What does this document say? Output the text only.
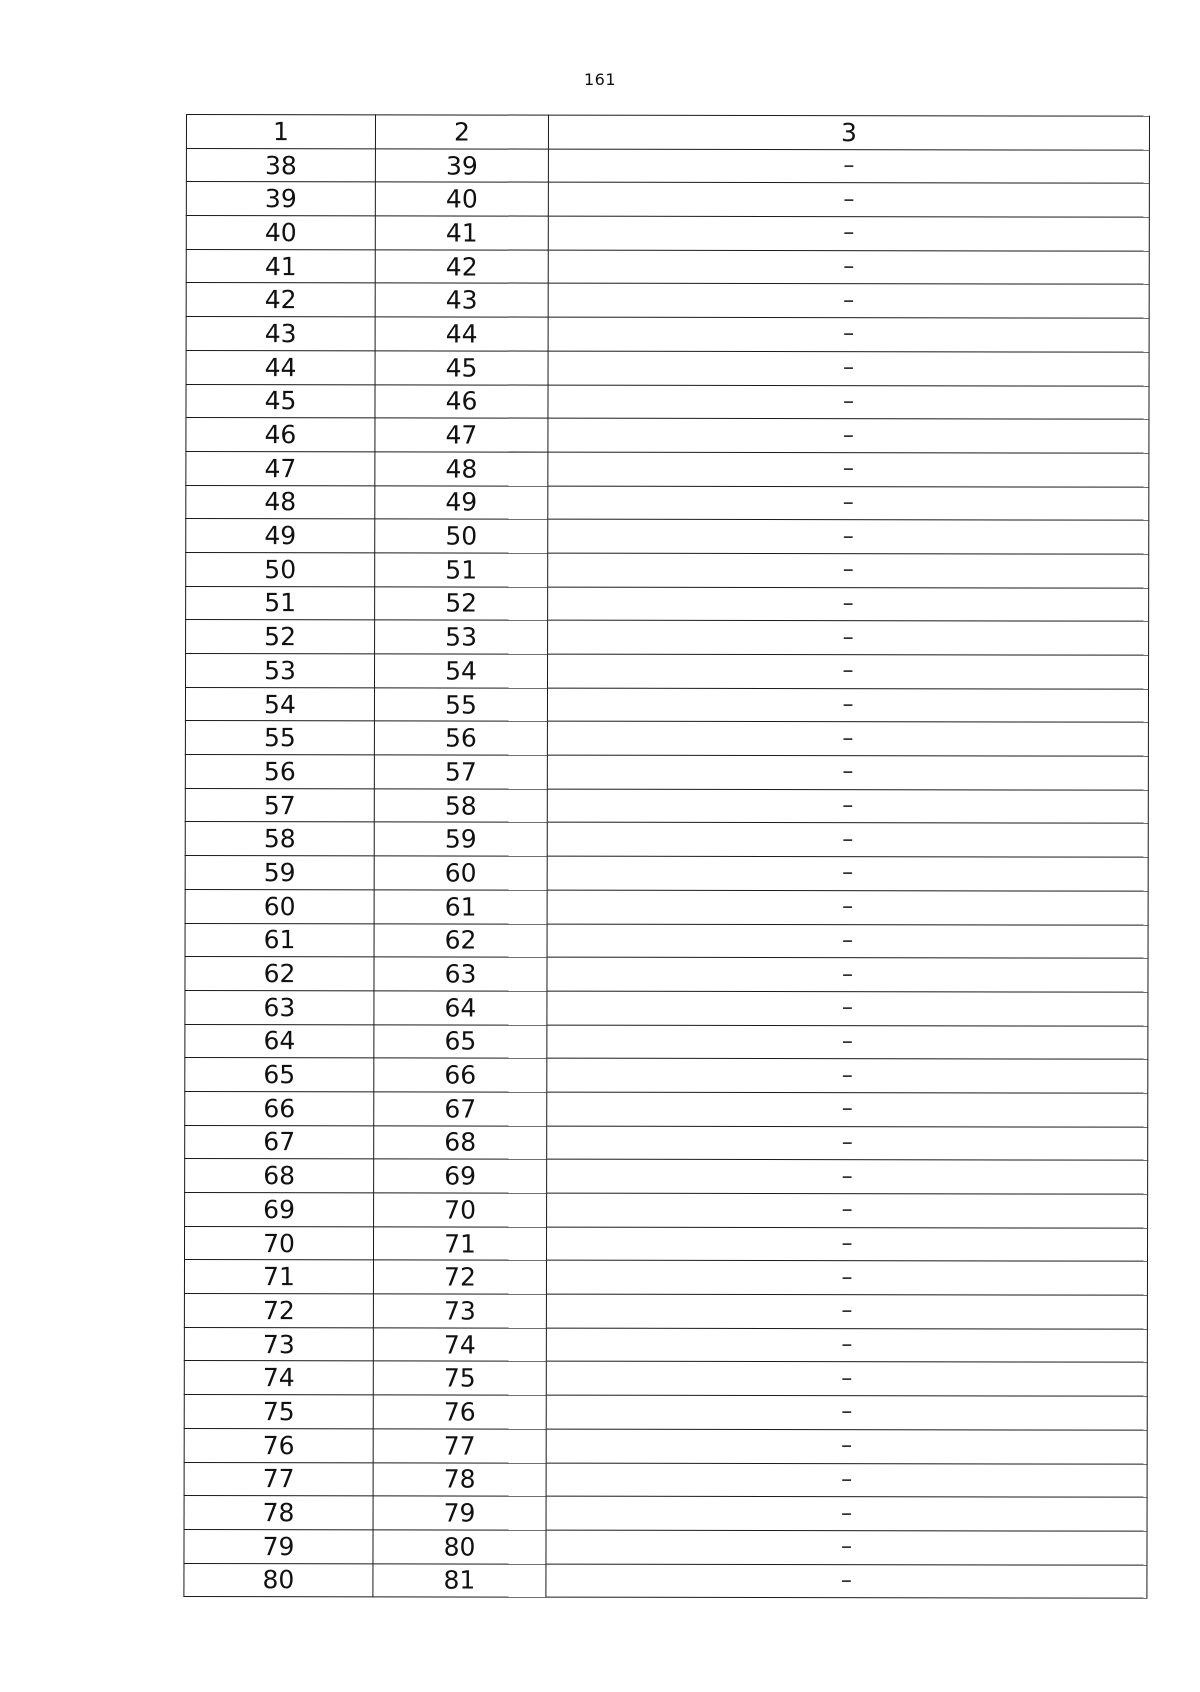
161
1	2	3
38	39	–
39	40	–
40	41	–
41	42	–
42	43	–
43	44	–
44	45	–
45	46	–
46	47	–
47	48	–
48	49	–
49	50	–
50	51	–
51	52	–
52	53	–
53	54	–
54	55	–
55	56	–
56	57	–
57	58	–
58	59	–
59	60	–
60	61	–
61	62	–
62	63	–
63	64	–
64	65	–
65	66	–
66	67	–
67	68	–
68	69	–
69	70	–
70	71	–
71	72	–
72	73	–
73	74	–
74	75	–
75	76	–
76	77	–
77	78	–
78	79	–
79	80	–
80	81	–
